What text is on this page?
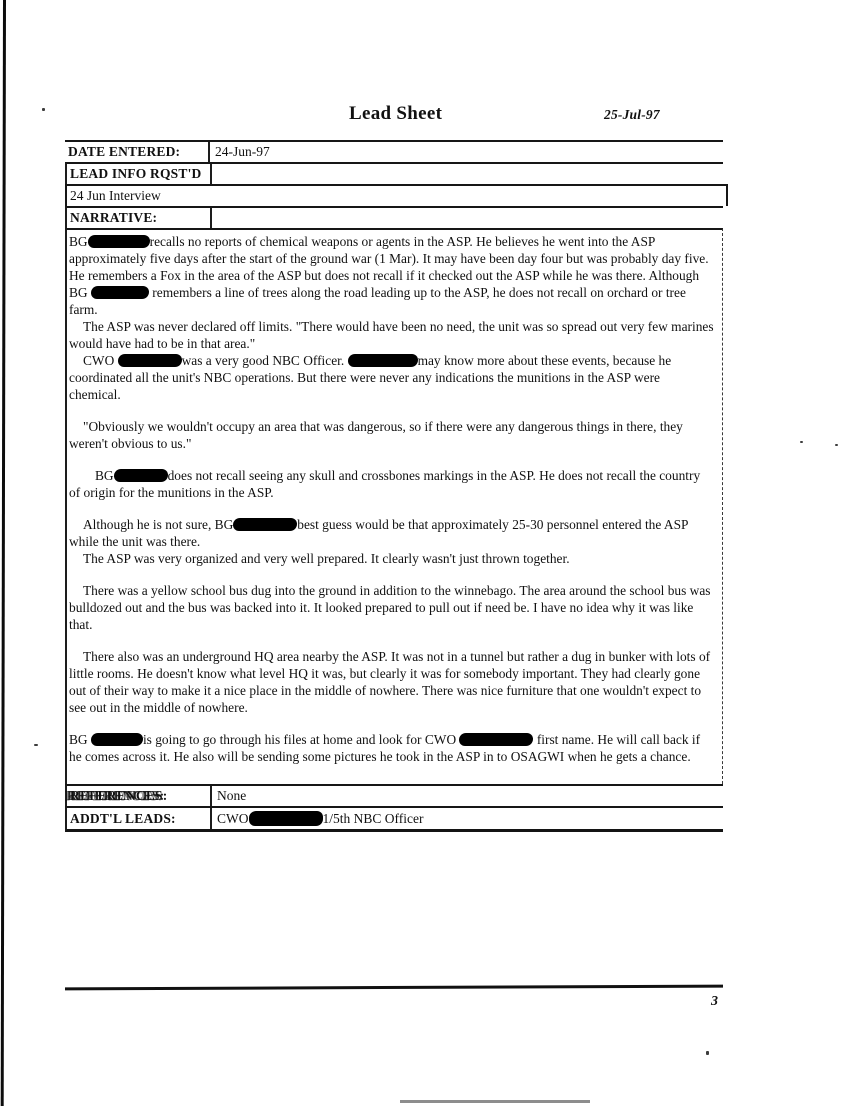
Lead Sheet	25-Jul-97
DATE ENTERED:	24-Jun-97
LEAD INFO RQST'D
24 Jun Interview
NARRATIVE:
BG	recalls no reports of chemical weapons or agents in the ASP. He believes he went into the ASP approximately five days after the start of the ground war (1 Mar). It may have been day four but was probably day five. He remembers a Fox in the area of the ASP but does not recall if it checked out the ASP while he was there. Although BG	remembers a line of trees along the road leading up to the ASP, he does not recall on orchard or tree farm.
The ASP was never declared off limits. "There would have been no need, the unit was so spread out very few marines would have had to be in that area."
CWO	was a very good NBC Officer.	may know more about these events, because he coordinated all the unit's NBC operations. But there were never any indications the munitions in the ASP were chemical.
"Obviously we wouldn't occupy an area that was dangerous, so if there were any dangerous things in there, they weren't obvious to us."
BG	does not recall seeing any skull and crossbones markings in the ASP. He does not recall the country of origin for the munitions in the ASP.
Although he is not sure, BG	best guess would be that approximately 25-30 personnel entered the ASP while the unit was there.
The ASP was very organized and very well prepared. It clearly wasn't just thrown together.
There was a yellow school bus dug into the ground in addition to the winnebago. The area around the school bus was bulldozed out and the bus was backed into it. It looked prepared to pull out if need be. I have no idea why it was like that.
There also was an underground HQ area nearby the ASP. It was not in a tunnel but rather a dug in bunker with lots of little rooms. He doesn't know what level HQ it was, but clearly it was for somebody important. They had clearly gone out of their way to make it a nice place in the middle of nowhere. There was nice furniture that one wouldn't expect to see out in the middle of nowhere.
BG	is going to go through his files at home and look for CWO	first name. He will call back if he comes across it. He also will be sending some pictures he took in the ASP in to OSAGWI when he gets a chance.
REFERENCES:	None
ADDT'L LEADS:	CWO	1/5th NBC Officer
3
